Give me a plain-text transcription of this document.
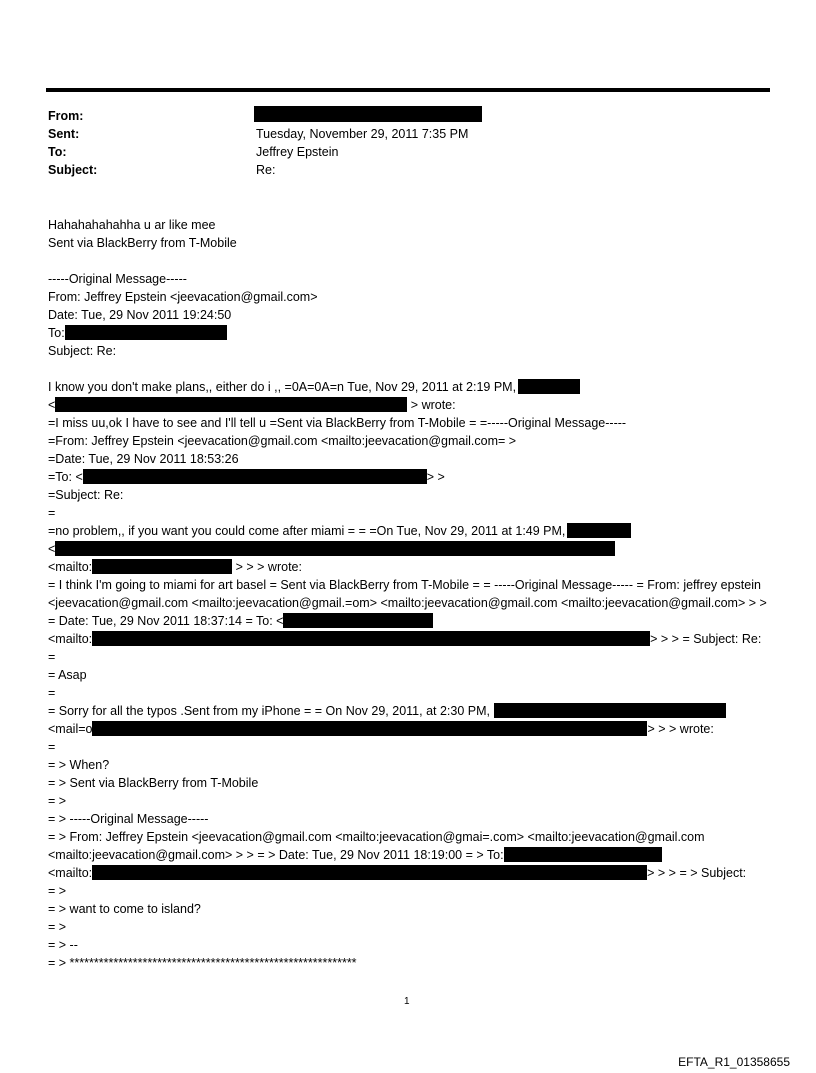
From:
Sent:	Tuesday, November 29, 2011 7:35 PM
To:	Jeffrey Epstein
Subject:	Re:
Hahahahahahha u ar like mee
Sent via BlackBerry from T-Mobile
-----Original Message-----
From: Jeffrey Epstein <jeevacation@gmail.com>
Date: Tue, 29 Nov 2011 19:24:50
To:
Subject: Re:
I know you don't make plans,, either do i ,, =0A=0A=n Tue, Nov 29, 2011 at 2:19 PM,
<	> wrote:
=I miss uu,ok I have to see and I'll tell u =Sent via BlackBerry from T-Mobile = =-----Original Message-----
=From: Jeffrey Epstein <jeevacation@gmail.com <mailto:jeevacation@gmail.com= >
=Date: Tue, 29 Nov 2011 18:53:26
=To: <	> >
=Subject: Re:
=
=no problem,, if you want you could come after miami = = =On Tue, Nov 29, 2011 at 1:49 PM,
<
<mailto:	> > > wrote:
= I think I'm going to miami for art basel = Sent via BlackBerry from T-Mobile = = -----Original Message----- = From: jeffrey epstein <jeevacation@gmail.com <mailto:jeevacation@gmail.=om> <mailto:jeevacation@gmail.com <mailto:jeevacation@gmail.com> > > = Date: Tue, 29 Nov 2011 18:37:14 = To: <
<mailto:	> > > = Subject: Re:
=
= Asap
=
= Sorry for all the typos .Sent from my iPhone = = On Nov 29, 2011, at 2:30 PM,
<mail=o	> > > wrote:
=
= > When?
= > Sent via BlackBerry from T-Mobile
= >
= > -----Original Message-----
= > From: Jeffrey Epstein <jeevacation@gmail.com <mailto:jeevacation@gmai=.com> <mailto:jeevacation@gmail.com <mailto:jeevacation@gmail.com> > > = > Date: Tue, 29 Nov 2011 18:19:00 = > To:
<mailto:	> > > = > Subject:
= >
= > want to come to island?
= >
= > --
= > ***********************************************************
1
EFTA_R1_01358655
